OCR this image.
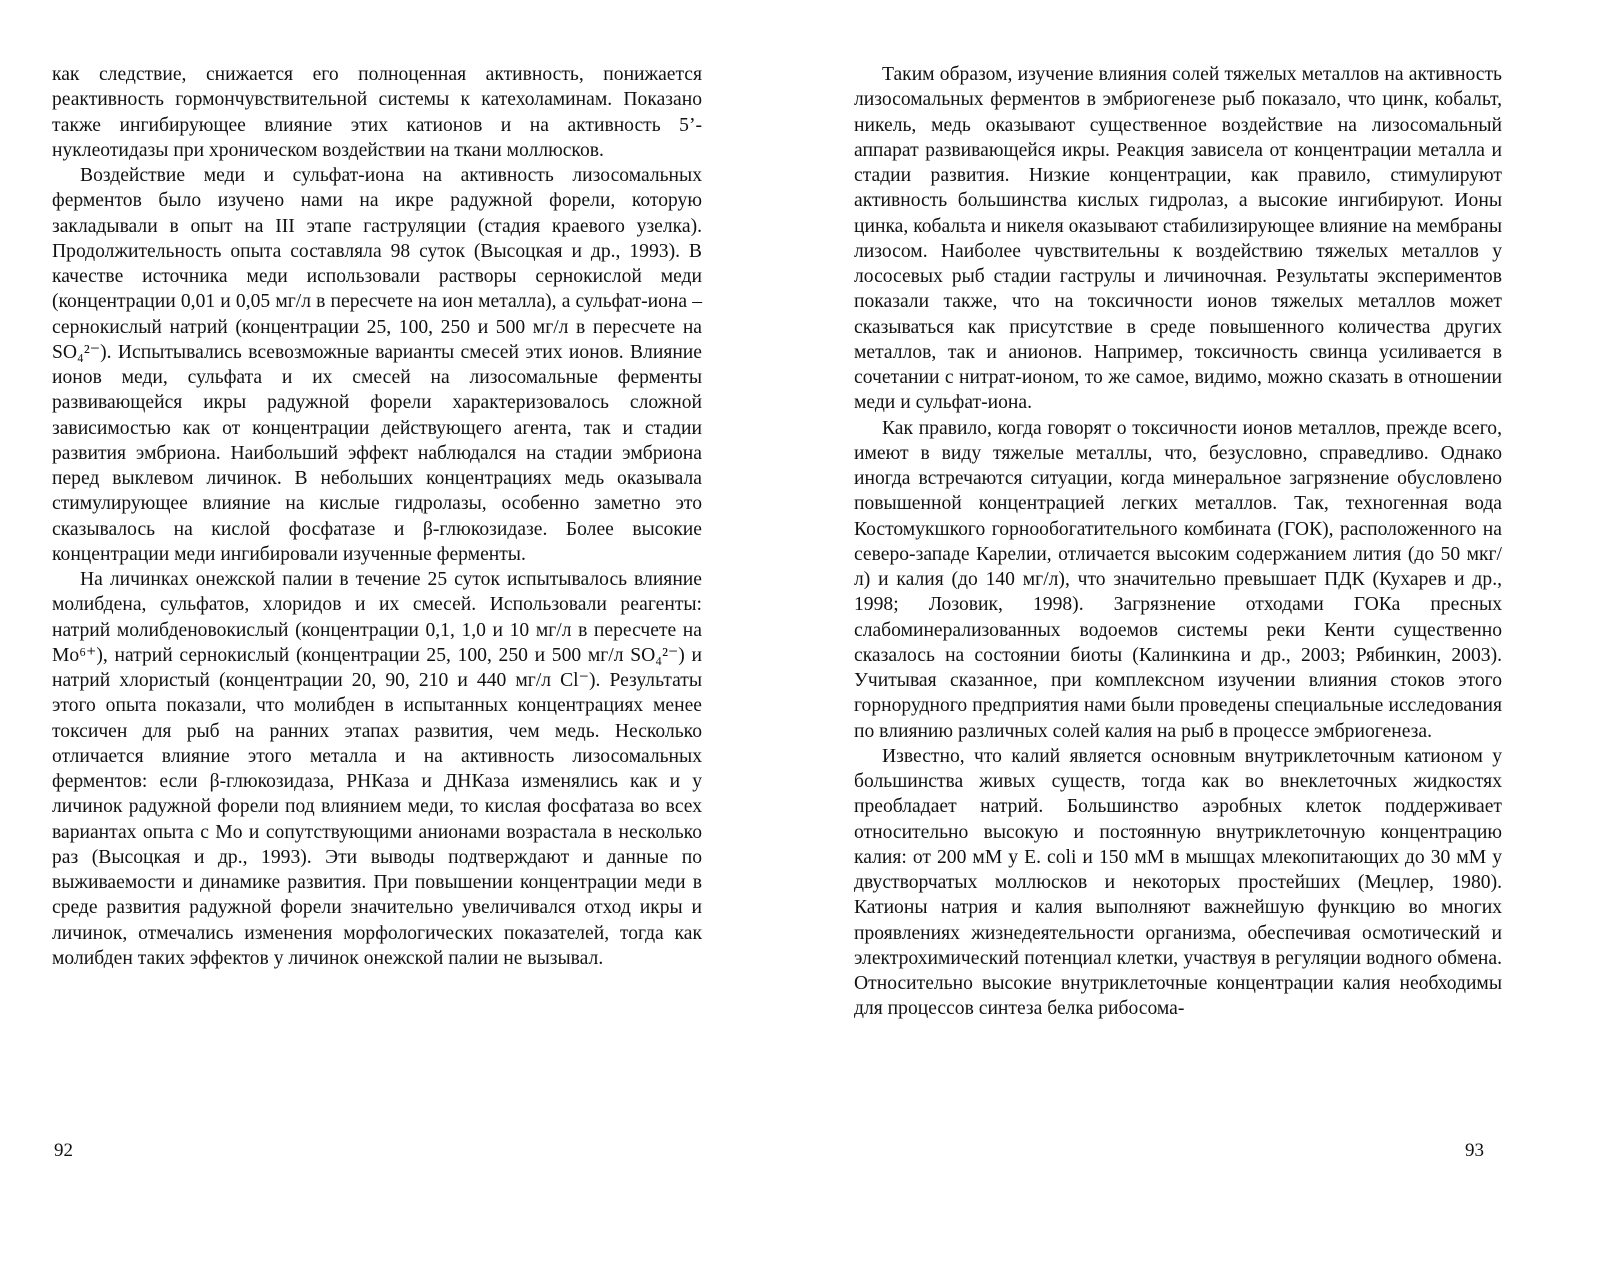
как следствие, снижается его полноценная активность, понижается реактивность гормончувствительной системы к катехоламинам. Показано также ингибирующее влияние этих катионов и на активность 5’-нуклеотидазы при хроническом воздействии на ткани моллюсков.

Воздействие меди и сульфат-иона на активность лизосомальных ферментов было изучено нами на икре радужной форели, которую закладывали в опыт на III этапе гаструляции (стадия краевого узелка). Продолжительность опыта составляла 98 суток (Высоцкая и др., 1993). В качестве источника меди использовали растворы сернокислой меди (концентрации 0,01 и 0,05 мг/л в пересчете на ион металла), а сульфат-иона – сернокислый натрий (концентрации 25, 100, 250 и 500 мг/л в пересчете на SO₄²⁻). Испытывались всевозможные варианты смесей этих ионов. Влияние ионов меди, сульфата и их смесей на лизосомальные ферменты развивающейся икры радужной форели характеризовалось сложной зависимостью как от концентрации действующего агента, так и стадии развития эмбриона. Наибольший эффект наблюдался на стадии эмбриона перед выклевом личинок. В небольших концентрациях медь оказывала стимулирующее влияние на кислые гидролазы, особенно заметно это сказывалось на кислой фосфатазе и β-глюкозидазе. Более высокие концентрации меди ингибировали изученные ферменты.

На личинках онежской палии в течение 25 суток испытывалось влияние молибдена, сульфатов, хлоридов и их смесей. Использовали реагенты: натрий молибденовокислый (концентрации 0,1, 1,0 и 10 мг/л в пересчете на Mo⁶⁺), натрий сернокислый (концентрации 25, 100, 250 и 500 мг/л SO₄²⁻) и натрий хлористый (концентрации 20, 90, 210 и 440 мг/л Cl⁻). Результаты этого опыта показали, что молибден в испытанных концентрациях менее токсичен для рыб на ранних этапах развития, чем медь. Несколько отличается влияние этого металла и на активность лизосомальных ферментов: если β-глюкозидаза, РНКаза и ДНКаза изменялись как и у личинок радужной форели под влиянием меди, то кислая фосфатаза во всех вариантах опыта с Mo и сопутствующими анионами возрастала в несколько раз (Высоцкая и др., 1993). Эти выводы подтверждают и данные по выживаемости и динамике развития. При повышении концентрации меди в среде развития радужной форели значительно увеличивался отход икры и личинок, отмечались изменения морфологических показателей, тогда как молибден таких эффектов у личинок онежской палии не вызывал.

92

Таким образом, изучение влияния солей тяжелых металлов на активность лизосомальных ферментов в эмбриогенезе рыб показало, что цинк, кобальт, никель, медь оказывают существенное воздействие на лизосомальный аппарат развивающейся икры. Реакция зависела от концентрации металла и стадии развития. Низкие концентрации, как правило, стимулируют активность большинства кислых гидролаз, а высокие ингибируют. Ионы цинка, кобальта и никеля оказывают стабилизирующее влияние на мембраны лизосом. Наиболее чувствительны к воздействию тяжелых металлов у лососевых рыб стадии гаструлы и личиночная. Результаты экспериментов показали также, что на токсичности ионов тяжелых металлов может сказываться как присутствие в среде повышенного количества других металлов, так и анионов. Например, токсичность свинца усиливается в сочетании с нитрат-ионом, то же самое, видимо, можно сказать в отношении меди и сульфат-иона.

Как правило, когда говорят о токсичности ионов металлов, прежде всего, имеют в виду тяжелые металлы, что, безусловно, справедливо. Однако иногда встречаются ситуации, когда минеральное загрязнение обусловлено повышенной концентрацией легких металлов. Так, техногенная вода Костомукшкого горнообогатительного комбината (ГОК), расположенного на северо-западе Карелии, отличается высоким содержанием лития (до 50 мкг/л) и калия (до 140 мг/л), что значительно превышает ПДК (Кухарев и др., 1998; Лозовик, 1998). Загрязнение отходами ГОКа пресных слабоминерализованных водоемов системы реки Кенти существенно сказалось на состоянии биоты (Калинкина и др., 2003; Рябинкин, 2003). Учитывая сказанное, при комплексном изучении влияния стоков этого горнорудного предприятия нами были проведены специальные исследования по влиянию различных солей калия на рыб в процессе эмбриогенеза.

Известно, что калий является основным внутриклеточным катионом у большинства живых существ, тогда как во внеклеточных жидкостях преобладает натрий. Большинство аэробных клеток поддерживает относительно высокую и постоянную внутриклеточную концентрацию калия: от 200 мМ у E. coli и 150 мМ в мышцах млекопитающих до 30 мМ у двустворчатых моллюсков и некоторых простейших (Мецлер, 1980). Катионы натрия и калия выполняют важнейшую функцию во многих проявлениях жизнедеятельности организма, обеспечивая осмотический и электрохимический потенциал клетки, участвуя в регуляции водного обмена. Относительно высокие внутриклеточные концентрации калия необходимы для процессов синтеза белка рибосома-

93
